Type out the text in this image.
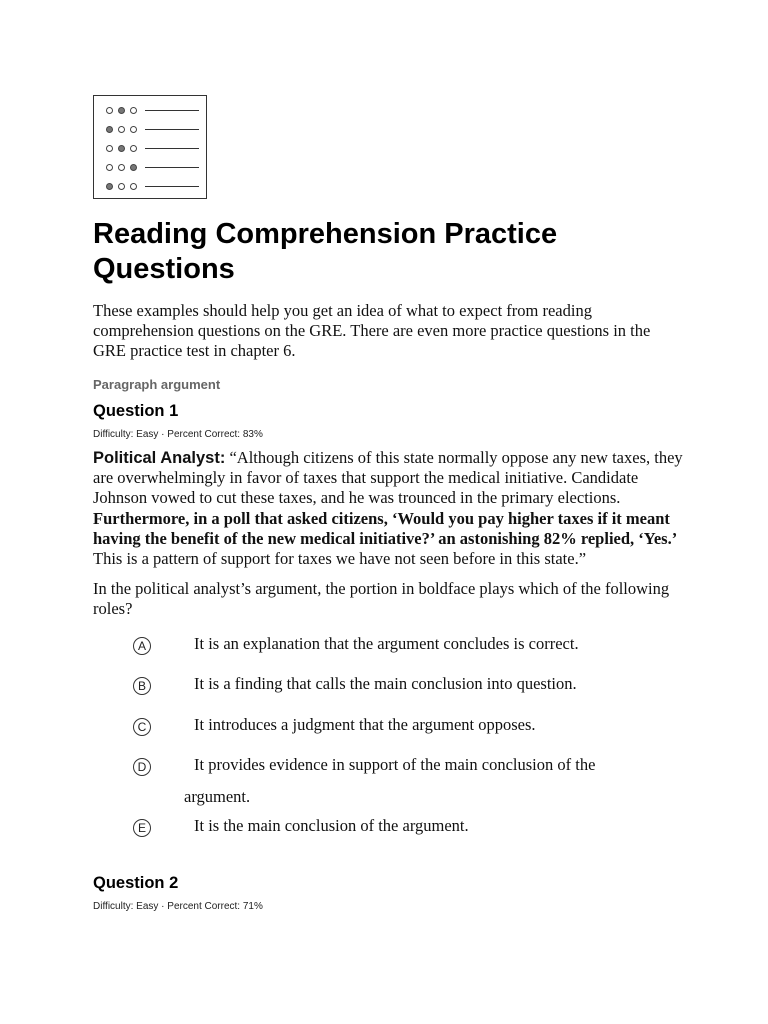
Reading Comprehension Practice Questions

These examples should help you get an idea of what to expect from reading comprehension questions on the GRE. There are even more practice questions in the GRE practice test in chapter 6.

Paragraph argument

Question 1

Difficulty: Easy · Percent Correct: 83%

Political Analyst: “Although citizens of this state normally oppose any new taxes, they are overwhelmingly in favor of taxes that support the medical initiative. Candidate Johnson vowed to cut these taxes, and he was trounced in the primary elections. Furthermore, in a poll that asked citizens, ‘Would you pay higher taxes if it meant having the benefit of the new medical initiative?’ an astonishing 82% replied, ‘Yes.’ This is a pattern of support for taxes we have not seen before in this state.”

In the political analyst’s argument, the portion in boldface plays which of the following roles?

A	It is an explanation that the argument concludes is correct.
B	It is a finding that calls the main conclusion into question.
C	It introduces a judgment that the argument opposes.
D	It provides evidence in support of the main conclusion of the
argument.
E	It is the main conclusion of the argument.

Question 2

Difficulty: Easy · Percent Correct: 71%
